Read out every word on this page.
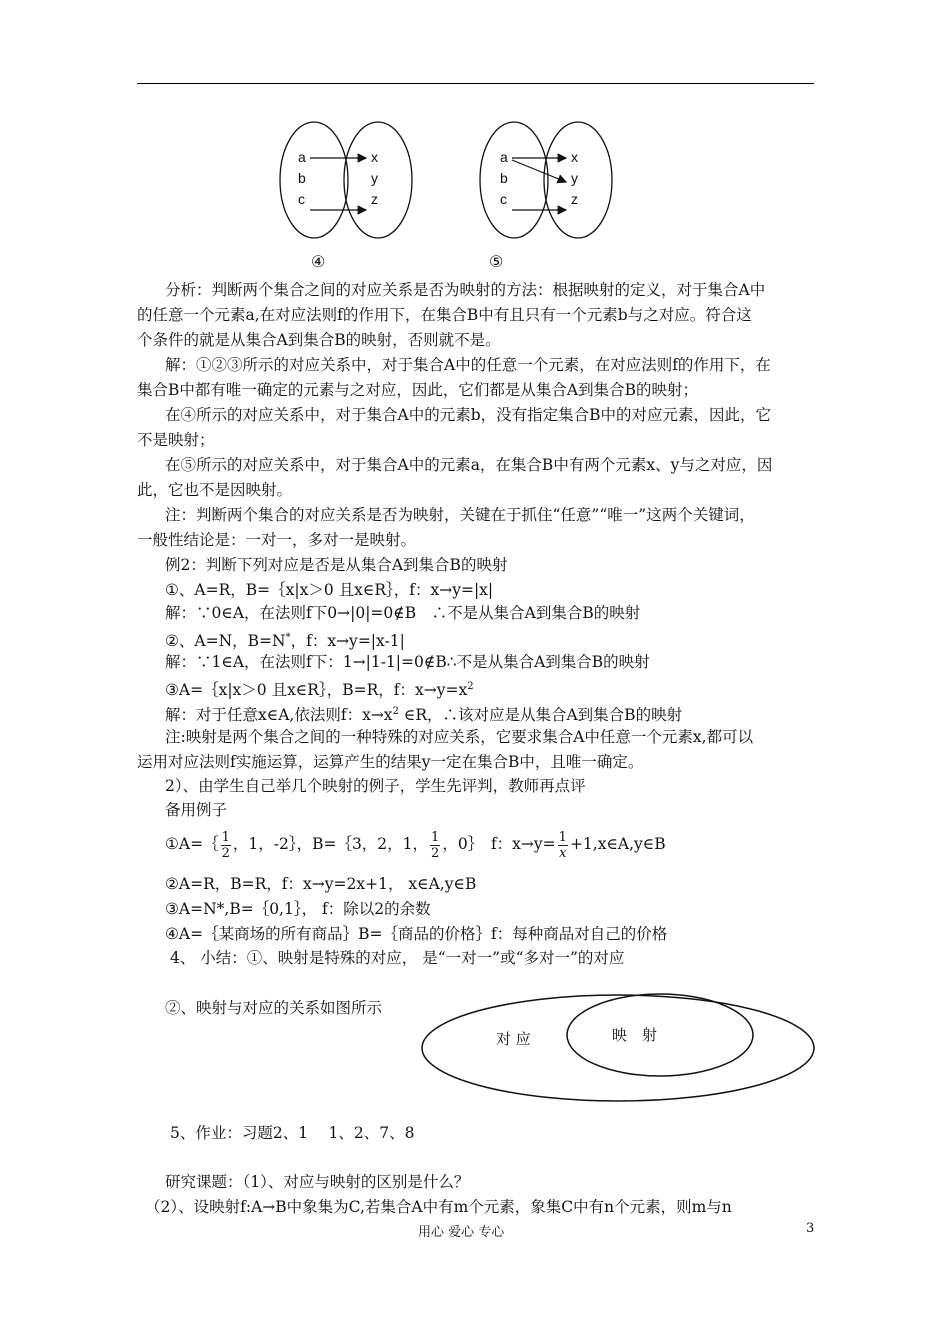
a
b
c
x
y
z
④
a
b
c
x
y
z
⑤
分析：判断两个集合之间的对应关系是否为映射的方法：根据映射的定义，对于集合A中
的任意一个元素a,在对应法则f的作用下，在集合B中有且只有一个元素b与之对应。符合这
个条件的就是从集合A到集合B的映射，否则就不是。
解：①②③所示的对应关系中，对于集合A中的任意一个元素，在对应法则f的作用下，在
集合B中都有唯一确定的元素与之对应，因此，它们都是从集合A到集合B的映射；
在④所示的对应关系中，对于集合A中的元素b，没有指定集合B中的对应元素，因此，它
不是映射；
在⑤所示的对应关系中，对于集合A中的元素a，在集合B中有两个元素x、y与之对应，因
此，它也不是因映射。
注：判断两个集合的对应关系是否为映射，关键在于抓住“任意”“唯一”这两个关键词，
一般性结论是：一对一，多对一是映射。
例2：判断下列对应是否是从集合A到集合B的映射
①、A=R，B=｛x|x＞0 且x∈R｝，f：x→y=|x|
解：∵0∈A，在法则f下0→|0|=0∉B　∴不是从集合A到集合B的映射
②、A=N，B=N*，f：x→y=|x-1|
解：∵1∈A，在法则f下：1→|1-1|=0∉B∴不是从集合A到集合B的映射
③A=｛x|x＞0 且x∈R｝，B=R，f：$x\to y=x^2$
解：对于任意x∈A,依法则f：$x\to x^2$ ∈R，∴该对应是从集合A到集合B的映射
注:映射是两个集合之间的一种特殊的对应关系，它要求集合A中任意一个元素x,都可以
运用对应法则f实施运算，运算产生的结果y一定在集合B中，且唯一确定。
2）、由学生自己举几个映射的例子，学生先评判，教师再点评
备用例子
①A=｛ $\frac{1}{2}$ ，1，-2｝，B=｛3，2，1， $\frac{1}{2}$ ，0｝　f：$x\to y= \frac{1}{x}$ +1,x∈A,y∈B
②A=R，B=R，f：x→y=2x+1， x∈A,y∈B
③A=N*,B=｛0,1｝， f：除以2的余数
④A=｛某商场的所有商品｝B=｛商品的价格｝f：每种商品对自己的价格
4、 小结：①、映射是特殊的对应， 是“一对一”或“多对一”的对应
②、映射与对应的关系如图所示
对 应	映　射
5、作业：习题2、1　 1、2、7、8
研究课题：（1）、对应与映射的区别是什么？
（2）、设映射f:A→B中象集为C,若集合A中有m个元素，象集C中有n个元素，则m与n
用心 爱心 专心	3
